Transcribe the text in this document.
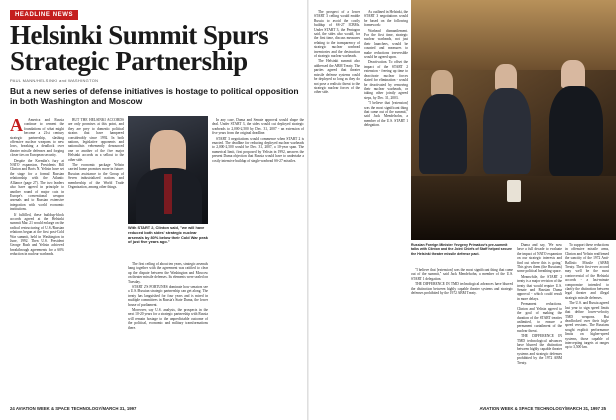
HEADLINE NEWS
Helsinki Summit Spurs Strategic Partnership
PAUL MANN/HELSINKI and WASHINGTON

But a new series of defense initiatives is hostage to political opposition in both Washington and Moscow

A	America and Russia continue to cement the foundations of what might become a 21st century strategic partnership, slashing offensive nuclear weapons to new lows, breaking a deadlock over theater missile defenses and forging closer ties on European security.

Despite the Kremlin's fury at NATO expansion, Presidents Bill Clinton and Boris N. Yeltsin have set the stage for a formal Russian relationship with the Atlantic Alliance (page 27). The two leaders also have agreed in principle to another round of major cuts in Europe's conventional weapon arsenals and to Russian extensive integration with world economic institutions.

If fulfilled, these buildup-block accords agreed at the Helsinki summit Mar. 21 would enlarge on the radical restructuring of U.S./Russian relations begun at the first post-Cold War summit, held in Washington in June, 1992. Then U.S. President George Bush and Yeltsin achieved breakthrough agreements for a 60% reduction in nuclear warheads.

BUT THE HELSINKI ACCORDS are only promises at this point, and they are prey to domestic political strains that have hampered considerably since 1992. In both nations, legislative opponents and nationalists vehemently denounced one or another of the five major Helsinki accords as a sellout to the other side.

The economic package Yeltsin carried home promises more in future: Russian assistance to the Group of Seven industrialized nations and membership of the World Trade Organization, among other things.

With START 2, Clinton said, "we will have reduced both sides' strategic nuclear arsenals by 80% below their Cold War peak of just five years ago."

The first ceiling of about ten years, strategic arsenals hang together with the agreement was ratified to clear up the dispute between the Washington and Moscow on theater missile defenses. Its elements were sealed on Tuesday.

START 2'S FORTUNES dominate how senators see a U.S./Russian strategic partnership can get along. The treaty has languished for four years and is mired in multiple committees in Russia's State Duma, the lower house of parliament.

Moreover, say U.S. analysts, the prospects in the next 10-20 years for a strategic partnership with Russia will remain hostage to the unpredictable outcome of the political, economic and military transformations there.

In any case, Duma and Senate approval would shape the deal. Under START 3, the sides would cut deployed strategic warheads to 2,000-2,500 by Dec. 31, 2007 - an extension of five years from the original deadline.

START 3 negotiations would commence when START 2 is enacted. The deadline for reducing deployed nuclear warheads to 2,000-2,500 would be Dec. 31, 2007, a 10-year span. The numerical limit, first proposed by Yeltsin in 1992, answers the present Duma objection that Russia would have to undertake a costly intensive buildup of single-warhead SS-27 missiles.

The prospect of a lower START 3 ceiling would enable Russia to avoid the costly buildup of SS-27 ICBMs. Under START 3, the Pentagon said, the sides also would, for the first time, discuss measures relating to the transparency of strategic nuclear warhead inventories and the destruction of strategic nuclear warheads.

The Helsinki summit also addressed the ABM Treaty. The parties agreed that theater missile defense systems could be deployed so long as they do not pose a realistic threat to the strategic nuclear forces of the other side.

As outlined in Helsinki, the START 3 negotiations would be based on the following framework:

Warhead dismantlement. For the first time, strategic nuclear warheads, not just their launchers, would be counted and measures to make reductions irreversible would be agreed upon.

Deactivation. To offset the impact of the START 2 extension - freeing up time to deactivate nuclear forces slated for elimination - would be deactivated by removing their nuclear warheads, or taking other jointly agreed steps, by Dec. 31, 2003.

"I believe that [extension] was the most significant thing that came out of the summit," said Jack Mendelsohn, a member of the U.S. START 1 delegation.

Russian Foreign Minister Yevgeny Primakov's pre-summit talks with Clinton and the Joint Chiefs of Staff helped secure the Helsinki theater missile defense pact.

Duma and say, 'We now have a full decade to evaluate the impact of NATO expansion on our strategic interests and find out where this is going.' This gives them (the Russians) some political breathing space.

Meanwhile, the START 2 treaty is a major revision of the treaty that would require U.S. Senate and Russian Duma approval - which could result in more delays.

Permanent reductions. Clinton and Yeltsin agreed to the goal of making the duration of the START treaties unlimited, to ensure a permanent curtailment of the nuclear threat.

THE DIFFERENCE IN TMD technological advances have blurred the distinction between highly capable theater systems and strategic defenses prohibited by the 1972 ABM Treaty.

To support these reductions in offensive missile arms, Clinton and Yeltsin reaffirmed the sanctity of the 1972 Anti-Ballistic Missile (ABM) Treaty. Their first-ever accord may well be the most controversial of the Helsinki accords - a last-minute compromise intended to clarify the distinction between legal theater and illegal strategic missile defenses.

The U.S. and Russia agreed last year to sign speed limits that define lower-velocity TMD weapons. But deadlocked over their high-speed versions. The Russians sought explicit performance limits on higher-speed systems, those capable of intercepting targets at ranges up to 3,500 km.

"I believe that [extension] was the most significant thing that came out of the summit," said Jack Mendelsohn, a member of the U.S. START 1 delegation.

THE DIFFERENCE IN TMD technological advances have blurred the distinction between highly capable theater systems and strategic defenses prohibited by the 1972 ABM Treaty.

24 AVIATION WEEK & SPACE TECHNOLOGY/MARCH 31, 1997	AVIATION WEEK & SPACE TECHNOLOGY/MARCH 31, 1997 25
